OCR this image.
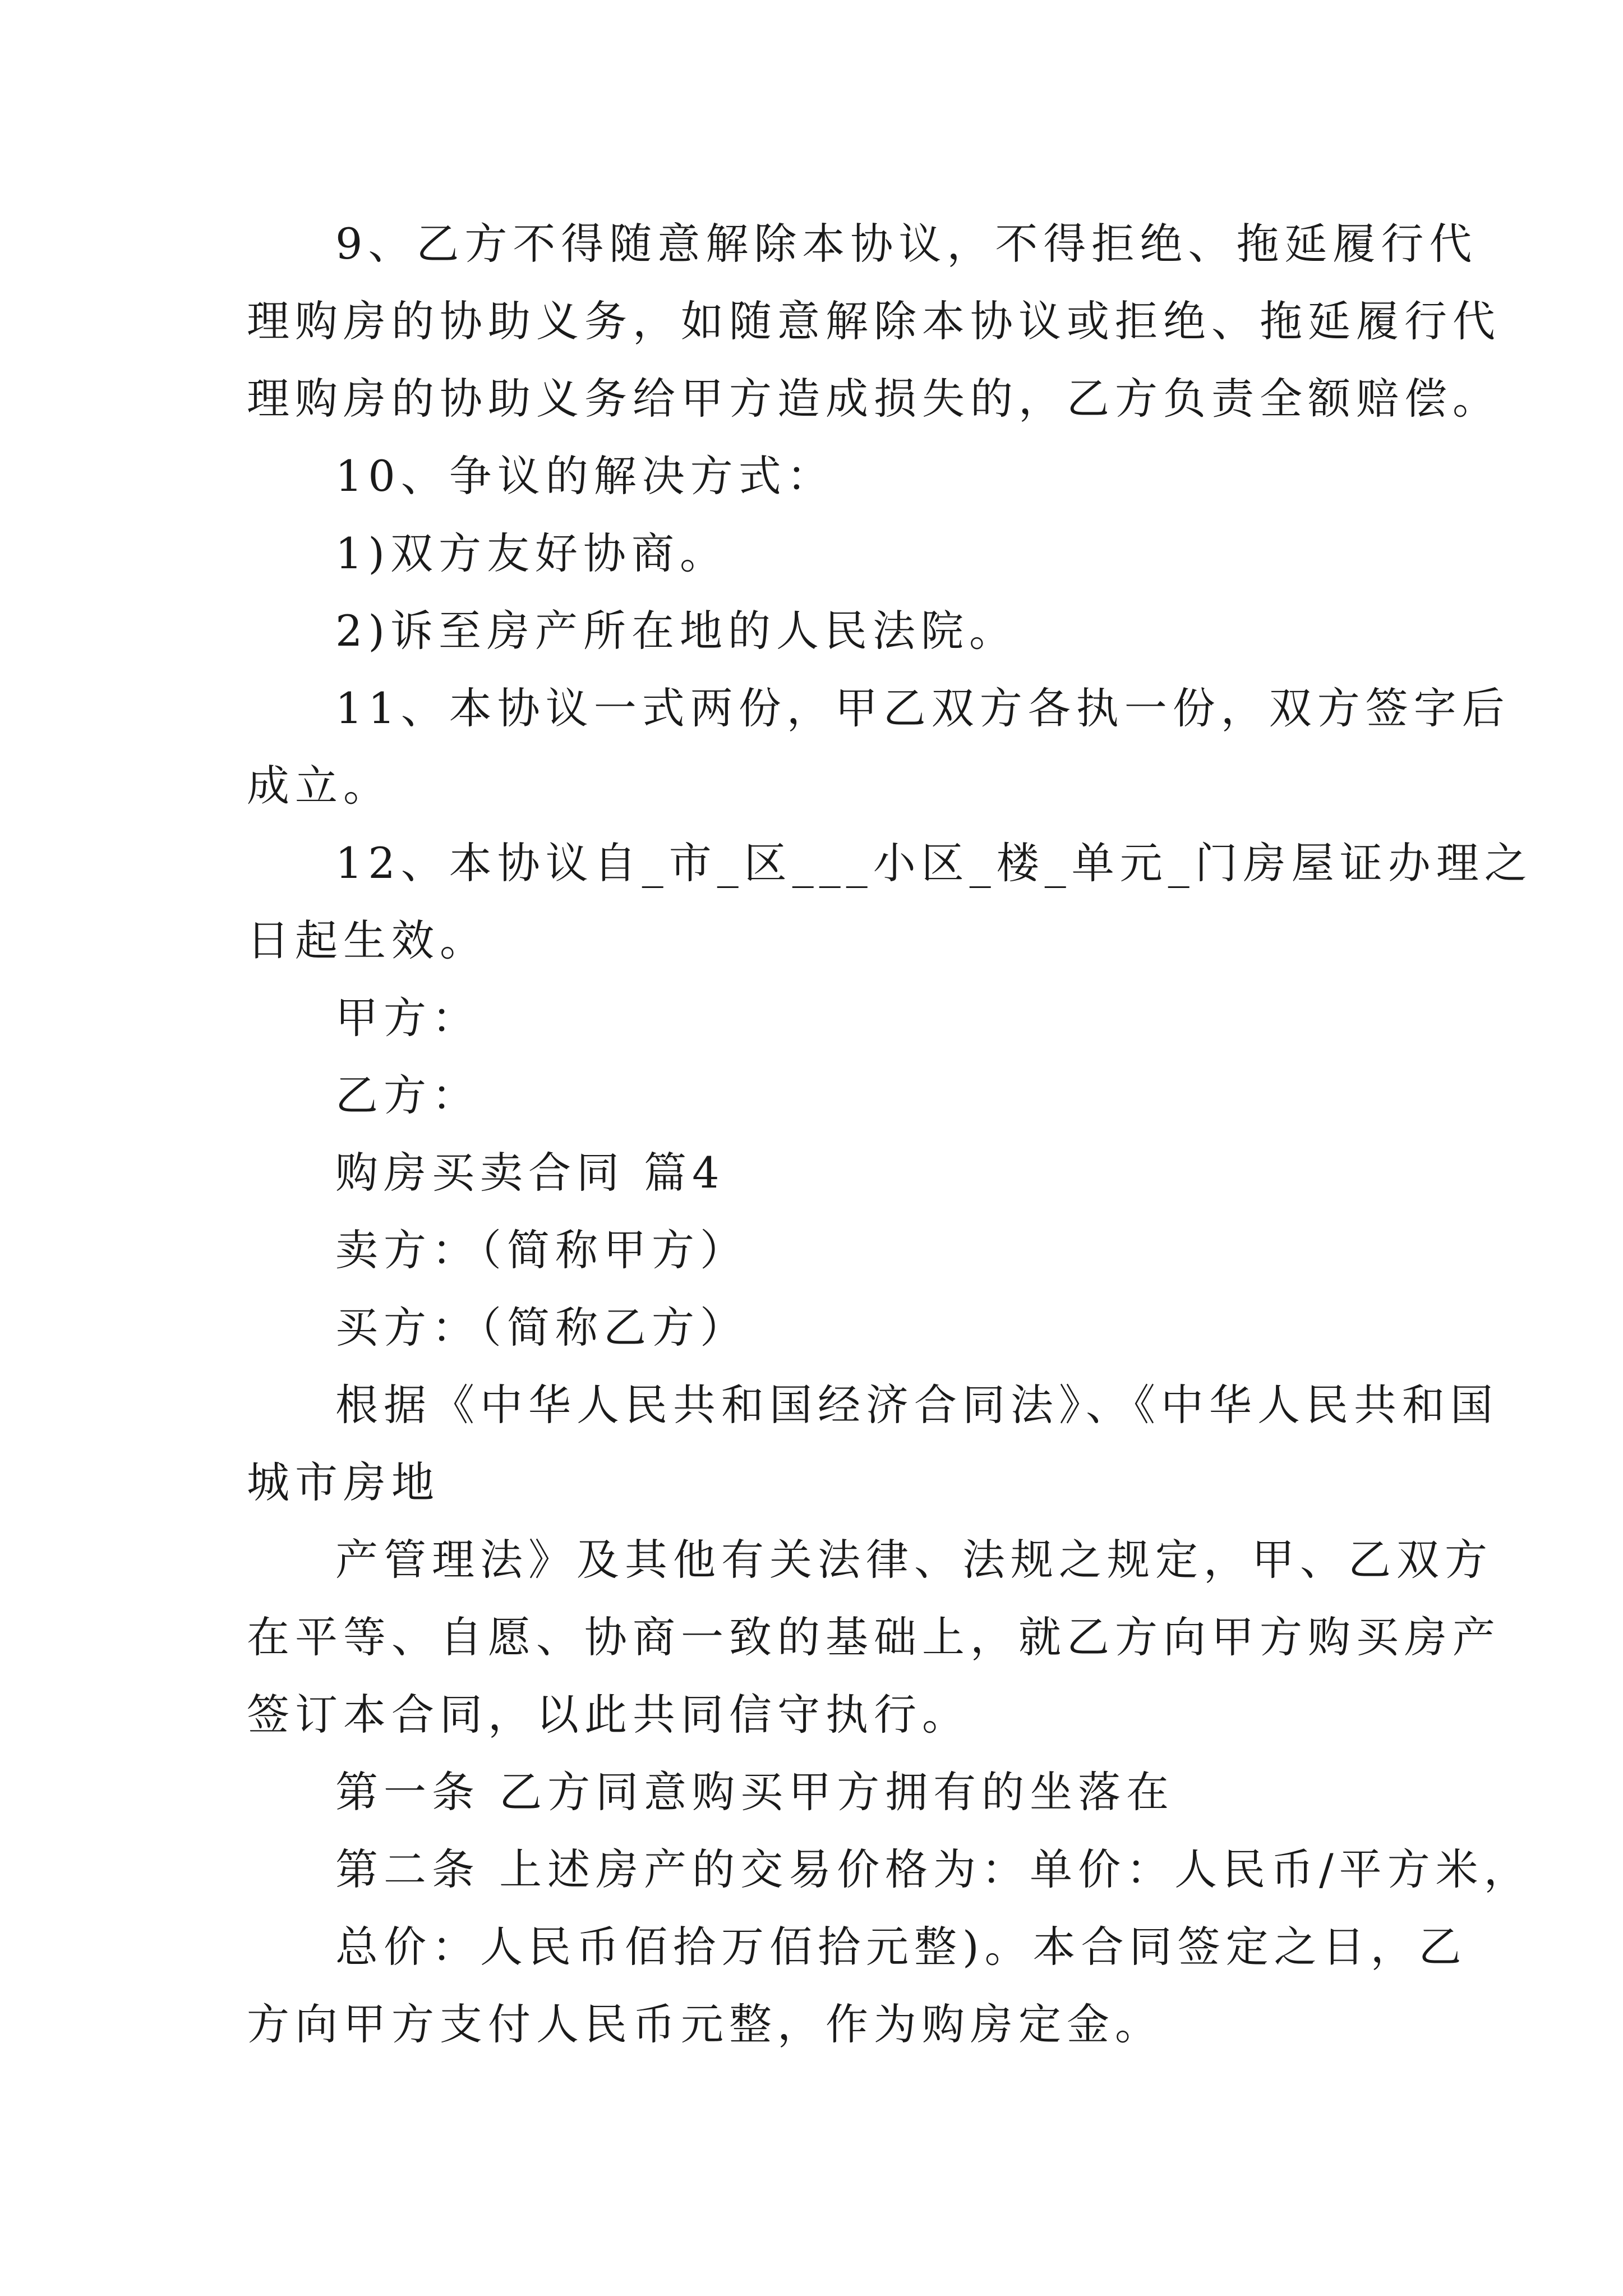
9、乙方不得随意解除本协议，不得拒绝、拖延履行代
理购房的协助义务，如随意解除本协议或拒绝、拖延履行代
理购房的协助义务给甲方造成损失的，乙方负责全额赔偿。
10、争议的解决方式：
1)双方友好协商。
2)诉至房产所在地的人民法院。
11、本协议一式两份，甲乙双方各执一份，双方签字后
成立。
12、本协议自_市_区___小区_楼_单元_门房屋证办理之
日起生效。
甲方：
乙方：
购房买卖合同 篇4
卖方：（简称甲方）
买方：（简称乙方）
根据《中华人民共和国经济合同法》、《中华人民共和国
城市房地
产管理法》及其他有关法律、法规之规定，甲、乙双方
在平等、自愿、协商一致的基础上，就乙方向甲方购买房产
签订本合同，以此共同信守执行。
第一条 乙方同意购买甲方拥有的坐落在
第二条 上述房产的交易价格为：单价：人民币/平方米，
总价：人民币佰拾万佰拾元整)。本合同签定之日，乙
方向甲方支付人民币元整，作为购房定金。
